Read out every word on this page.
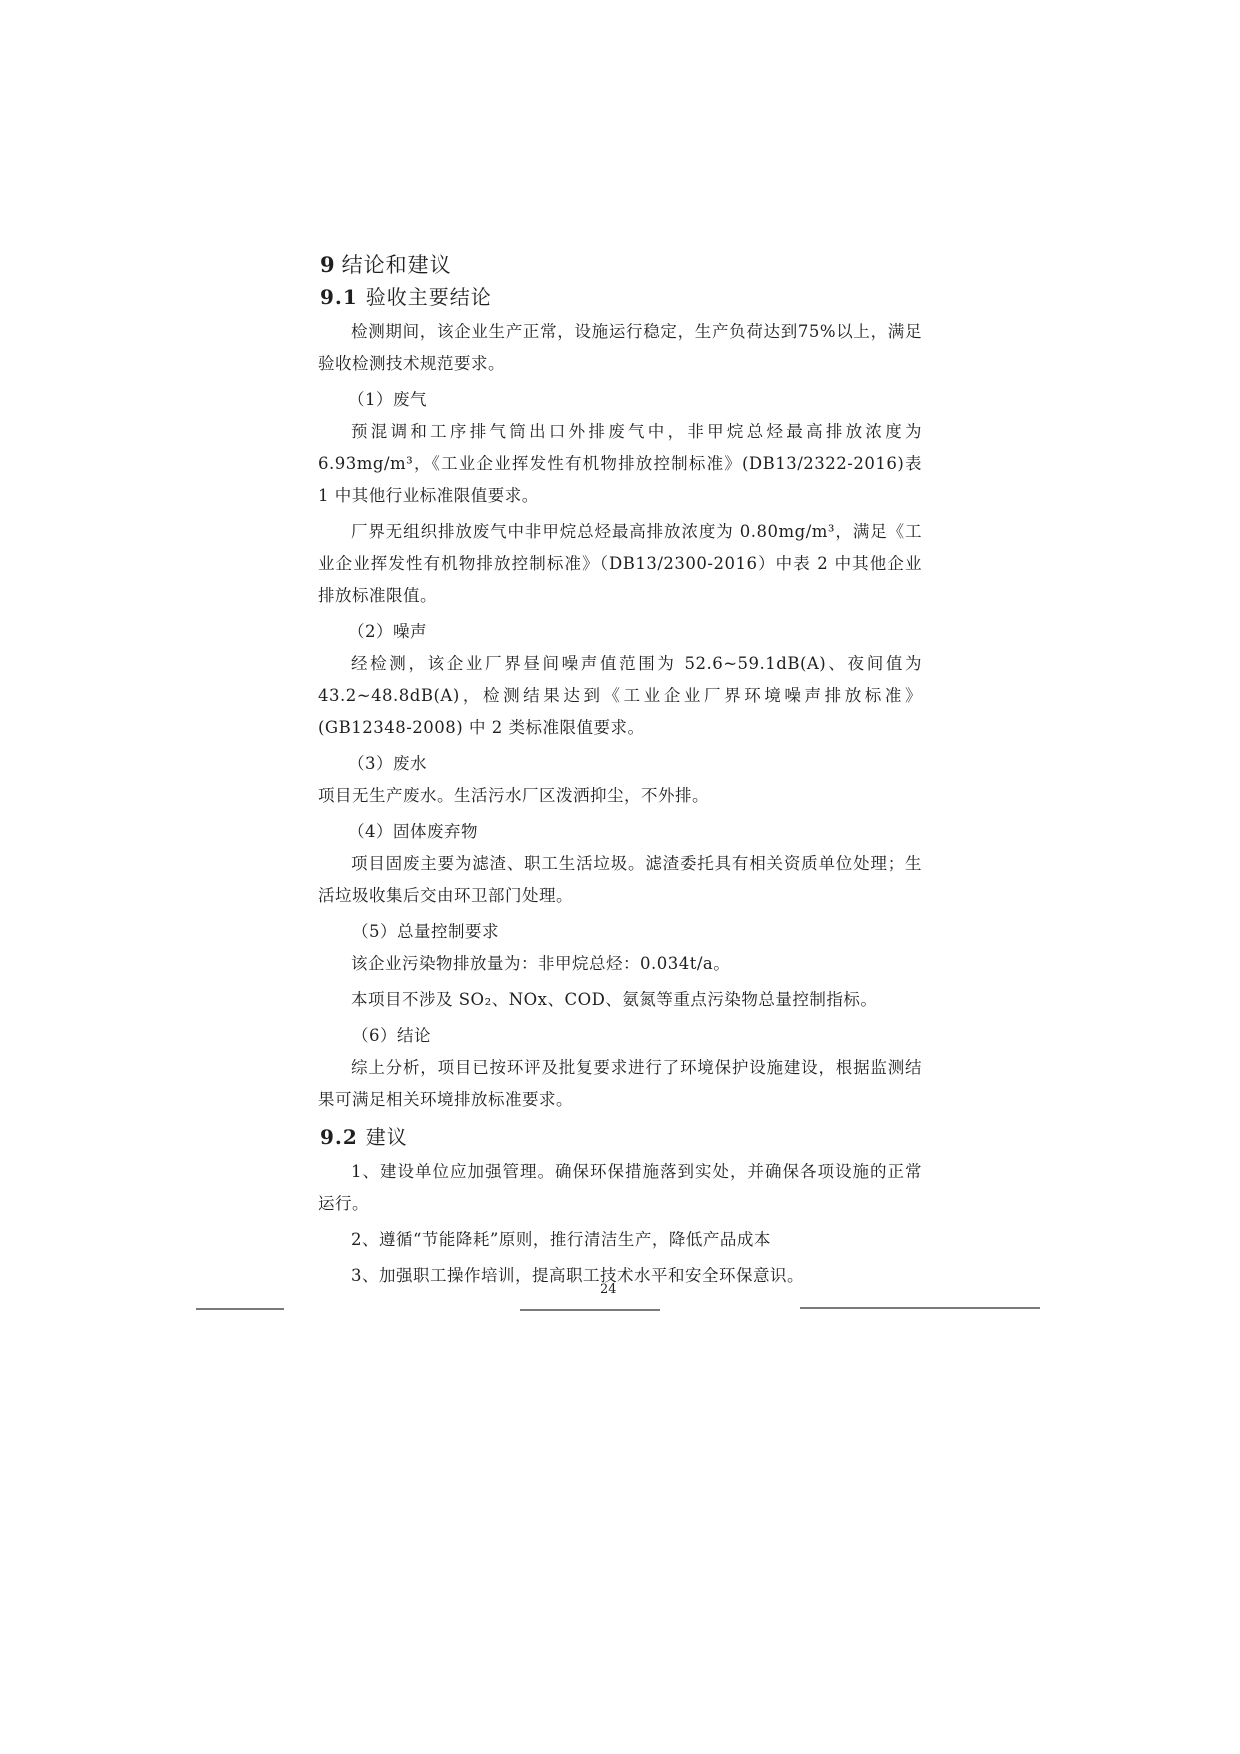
9 结论和建议
9.1 验收主要结论

检测期间，该企业生产正常，设施运行稳定，生产负荷达到75%以上，满足验收检测技术规范要求。

（1）废气

预混调和工序排气筒出口外排废气中，非甲烷总烃最高排放浓度为6.93mg/m³，《工业企业挥发性有机物排放控制标准》(DB13/2322-2016)表 1 中其他行业标准限值要求。

厂界无组织排放废气中非甲烷总烃最高排放浓度为 0.80mg/m³，满足《工业企业挥发性有机物排放控制标准》（DB13/2300-2016）中表 2 中其他企业排放标准限值。

（2）噪声

经检测，该企业厂界昼间噪声值范围为 52.6~59.1dB(A)、夜间值为 43.2~48.8dB(A)，检测结果达到《工业企业厂界环境噪声排放标准》(GB12348-2008) 中 2 类标准限值要求。

（3）废水

项目无生产废水。生活污水厂区泼洒抑尘，不外排。

（4）固体废弃物

项目固废主要为滤渣、职工生活垃圾。滤渣委托具有相关资质单位处理；生活垃圾收集后交由环卫部门处理。

（5）总量控制要求

该企业污染物排放量为：非甲烷总烃：0.034t/a。

本项目不涉及 SO₂、NOx、COD、氨氮等重点污染物总量控制指标。

（6）结论

综上分析，项目已按环评及批复要求进行了环境保护设施建设，根据监测结果可满足相关环境排放标准要求。

9.2 建议

1、建设单位应加强管理。确保环保措施落到实处，并确保各项设施的正常运行。

2、遵循“节能降耗”原则，推行清洁生产，降低产品成本

3、加强职工操作培训，提高职工技术水平和安全环保意识。

24
